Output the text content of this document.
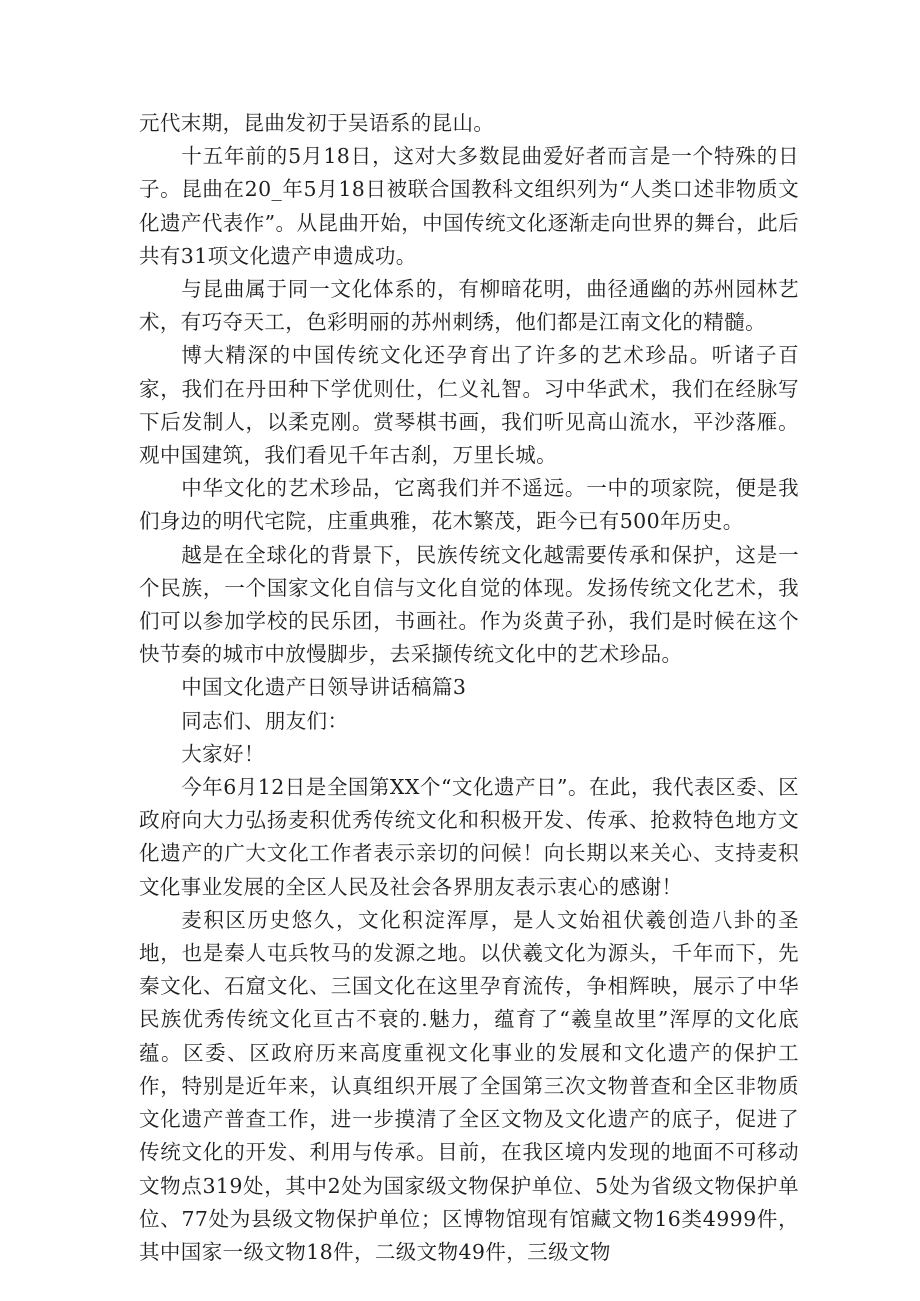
元代末期，昆曲发初于吴语系的昆山。

十五年前的5月18日，这对大多数昆曲爱好者而言是一个特殊的日子。昆曲在20_年5月18日被联合国教科文组织列为“人类口述非物质文化遗产代表作”。从昆曲开始，中国传统文化逐渐走向世界的舞台，此后共有31项文化遗产申遗成功。

与昆曲属于同一文化体系的，有柳暗花明，曲径通幽的苏州园林艺术，有巧夺天工，色彩明丽的苏州刺绣，他们都是江南文化的精髓。

博大精深的中国传统文化还孕育出了许多的艺术珍品。听诸子百家，我们在丹田种下学优则仕，仁义礼智。习中华武术，我们在经脉写下后发制人，以柔克刚。赏琴棋书画，我们听见高山流水，平沙落雁。观中国建筑，我们看见千年古刹，万里长城。

中华文化的艺术珍品，它离我们并不遥远。一中的项家院，便是我们身边的明代宅院，庄重典雅，花木繁茂，距今已有500年历史。

越是在全球化的背景下，民族传统文化越需要传承和保护，这是一个民族，一个国家文化自信与文化自觉的体现。发扬传统文化艺术，我们可以参加学校的民乐团，书画社。作为炎黄子孙，我们是时候在这个快节奏的城市中放慢脚步，去采撷传统文化中的艺术珍品。

中国文化遗产日领导讲话稿篇3

同志们、朋友们：

大家好！

今年6月12日是全国第XX个“文化遗产日”。在此，我代表区委、区政府向大力弘扬麦积优秀传统文化和积极开发、传承、抢救特色地方文化遗产的广大文化工作者表示亲切的问候！向长期以来关心、支持麦积文化事业发展的全区人民及社会各界朋友表示衷心的感谢！

麦积区历史悠久，文化积淀浑厚，是人文始祖伏羲创造八卦的圣地，也是秦人屯兵牧马的发源之地。以伏羲文化为源头，千年而下，先秦文化、石窟文化、三国文化在这里孕育流传，争相辉映，展示了中华民族优秀传统文化亘古不衰的.魅力，蕴育了“羲皇故里”浑厚的文化底蕴。区委、区政府历来高度重视文化事业的发展和文化遗产的保护工作，特别是近年来，认真组织开展了全国第三次文物普查和全区非物质文化遗产普查工作，进一步摸清了全区文物及文化遗产的底子，促进了传统文化的开发、利用与传承。目前，在我区境内发现的地面不可移动文物点319处，其中2处为国家级文物保护单位、5处为省级文物保护单位、77处为县级文物保护单位；区博物馆现有馆藏文物16类4999件，其中国家一级文物18件，二级文物49件，三级文物
